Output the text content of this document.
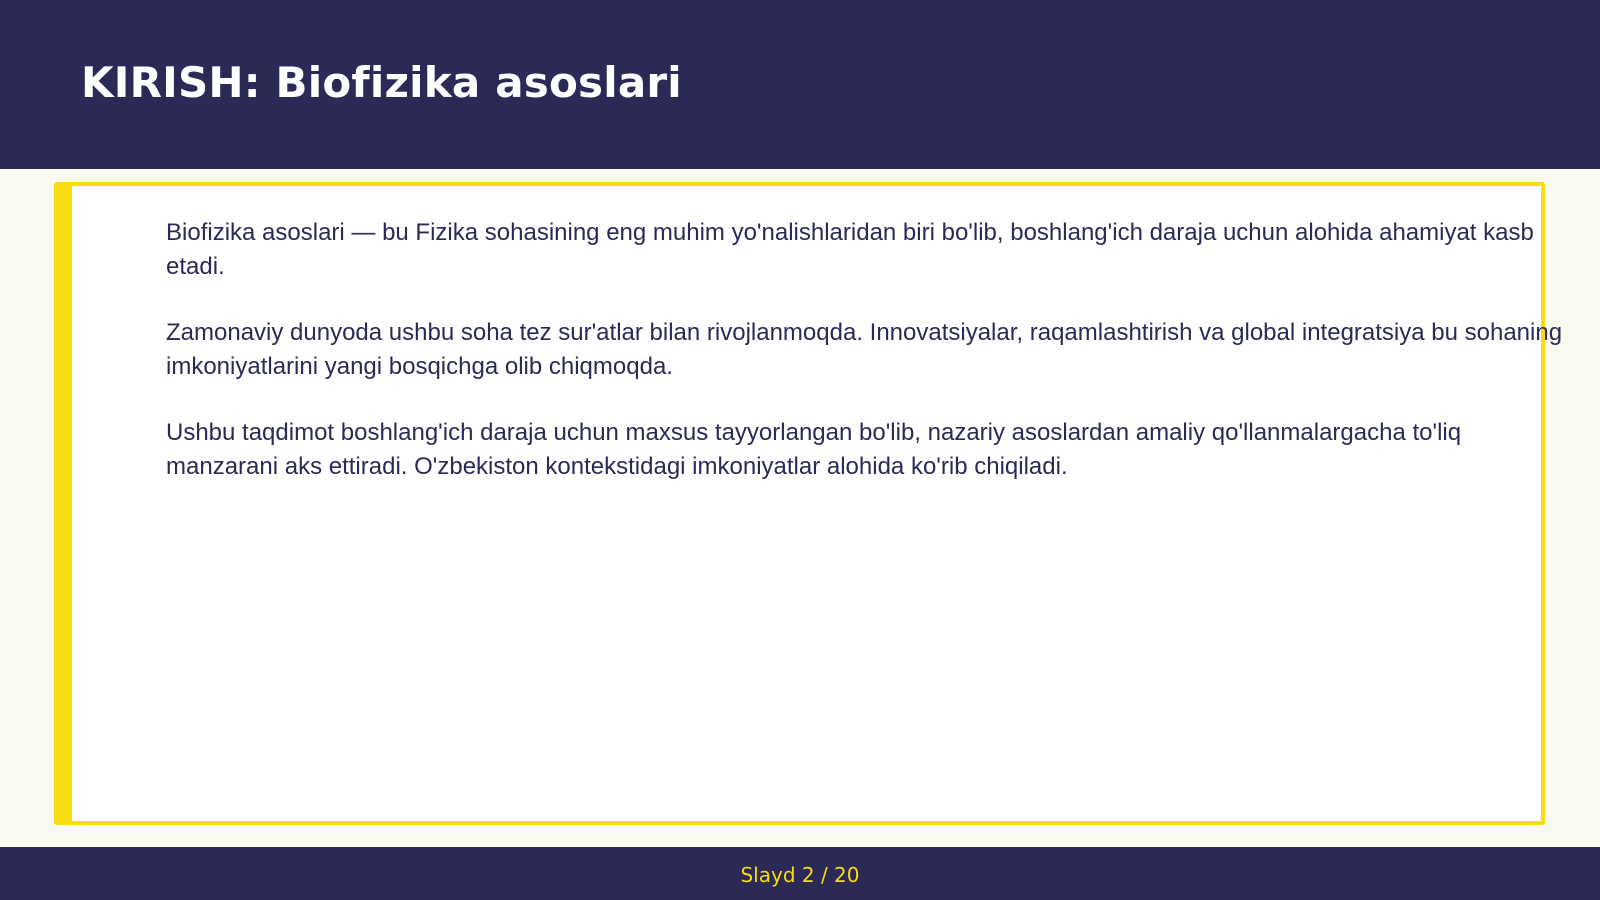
KIRISH: Biofizika asoslari

Biofizika asoslari — bu Fizika sohasining eng muhim yo'nalishlaridan biri bo'lib, boshlang'ich daraja uchun alohida ahamiyat kasb etadi.

Zamonaviy dunyoda ushbu soha tez sur'atlar bilan rivojlanmoqda. Innovatsiyalar, raqamlashtirish va global integratsiya bu sohaning imkoniyatlarini yangi bosqichga olib chiqmoqda.

Ushbu taqdimot boshlang'ich daraja uchun maxsus tayyorlangan bo'lib, nazariy asoslardan amaliy qo'llanmalargacha to'liq manzarani aks ettiradi. O'zbekiston kontekstidagi imkoniyatlar alohida ko'rib chiqiladi.

Slayd 2 / 20
